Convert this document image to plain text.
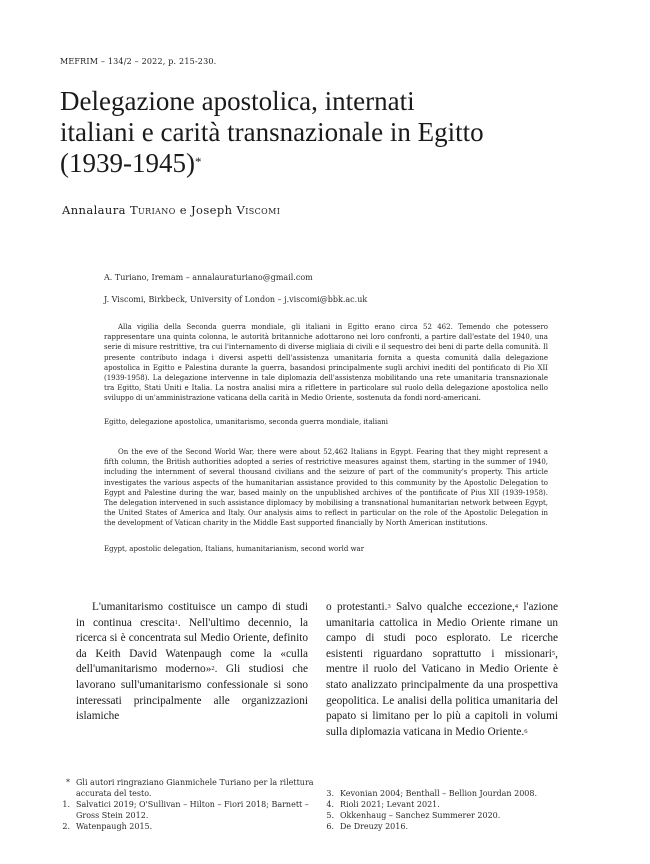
MEFRIM – 134/2 – 2022, p. 215-230.
Delegazione apostolica, internati
italiani e carità transnazionale in Egitto
(1939-1945)*
Annalaura Turiano e Joseph Viscomi
A. Turiano, Iremam – annalauraturiano@gmail.com
J. Viscomi, Birkbeck, University of London – j.viscomi@bbk.ac.uk

Alla vigilia della Seconda guerra mondiale, gli italiani in Egitto erano circa 52 462. Temendo che potessero rappresentare una quinta colonna, le autorità britanniche adottarono nei loro confronti, a partire dall'estate del 1940, una serie di misure restrittive, tra cui l'internamento di diverse migliaia di civili e il sequestro dei beni di parte della comunità. Il presente contributo indaga i diversi aspetti dell'assistenza umanitaria fornita a questa comunità dalla delegazione apostolica in Egitto e Palestina durante la guerra, basandosi principalmente sugli archivi inediti del pontificato di Pio XII (1939-1958). La delegazione intervenne in tale diplomazia dell'assistenza mobilitando una rete umanitaria transnazionale tra Egitto, Stati Uniti e Italia. La nostra analisi mira a riflettere in particolare sul ruolo della delegazione apostolica nello sviluppo di un'amministrazione vaticana della carità in Medio Oriente, sostenuta da fondi nord-americani.

Egitto, delegazione apostolica, umanitarismo, seconda guerra mondiale, italiani

On the eve of the Second World War, there were about 52,462 Italians in Egypt. Fearing that they might represent a fifth column, the British authorities adopted a series of restrictive measures against them, starting in the summer of 1940, including the internment of several thousand civilians and the seizure of part of the community's property. This article investigates the various aspects of the humanitarian assistance provided to this community by the Apostolic Delegation to Egypt and Palestine during the war, based mainly on the unpublished archives of the pontificate of Pius XII (1939-1958). The delegation intervened in such assistance diplomacy by mobilising a transnational humanitarian network between Egypt, the United States of America and Italy. Our analysis aims to reflect in particular on the role of the Apostolic Delegation in the development of Vatican charity in the Middle East supported financially by North American institutions.

Egypt, apostolic delegation, Italians, humanitarianism, second world war

L'umanitarismo costituisce un campo di studi in continua crescita$^1$. Nell'ultimo decennio, la ricerca si è concentrata sul Medio Oriente, definito da Keith David Watenpaugh come la «culla dell'umanitarismo moderno»$^2$. Gli studiosi che lavorano sull'umanitarismo confessionale si sono interessati principalmente alle organizzazioni islamiche

o protestanti.$^3$ Salvo qualche eccezione,$^4$ l'azione umanitaria cattolica in Medio Oriente rimane un campo di studi poco esplorato. Le ricerche esistenti riguardano soprattutto i missionari$^5$, mentre il ruolo del Vaticano in Medio Oriente è stato analizzato principalmente da una prospettiva geopolitica. Le analisi della politica umanitaria del papato si limitano per lo più a capitoli in volumi sulla diplomazia vaticana in Medio Oriente.$^6$

* Gli autori ringraziano Gianmichele Turiano per la rilettura accurata del testo.
1. Salvatici 2019; O'Sullivan – Hilton – Fiori 2018; Barnett – Gross Stein 2012.
2. Watenpaugh 2015.
3. Kevonian 2004; Benthall – Bellion Jourdan 2008.
4. Rioli 2021; Levant 2021.
5. Okkenhaug – Sanchez Summerer 2020.
6. De Dreuzy 2016.
